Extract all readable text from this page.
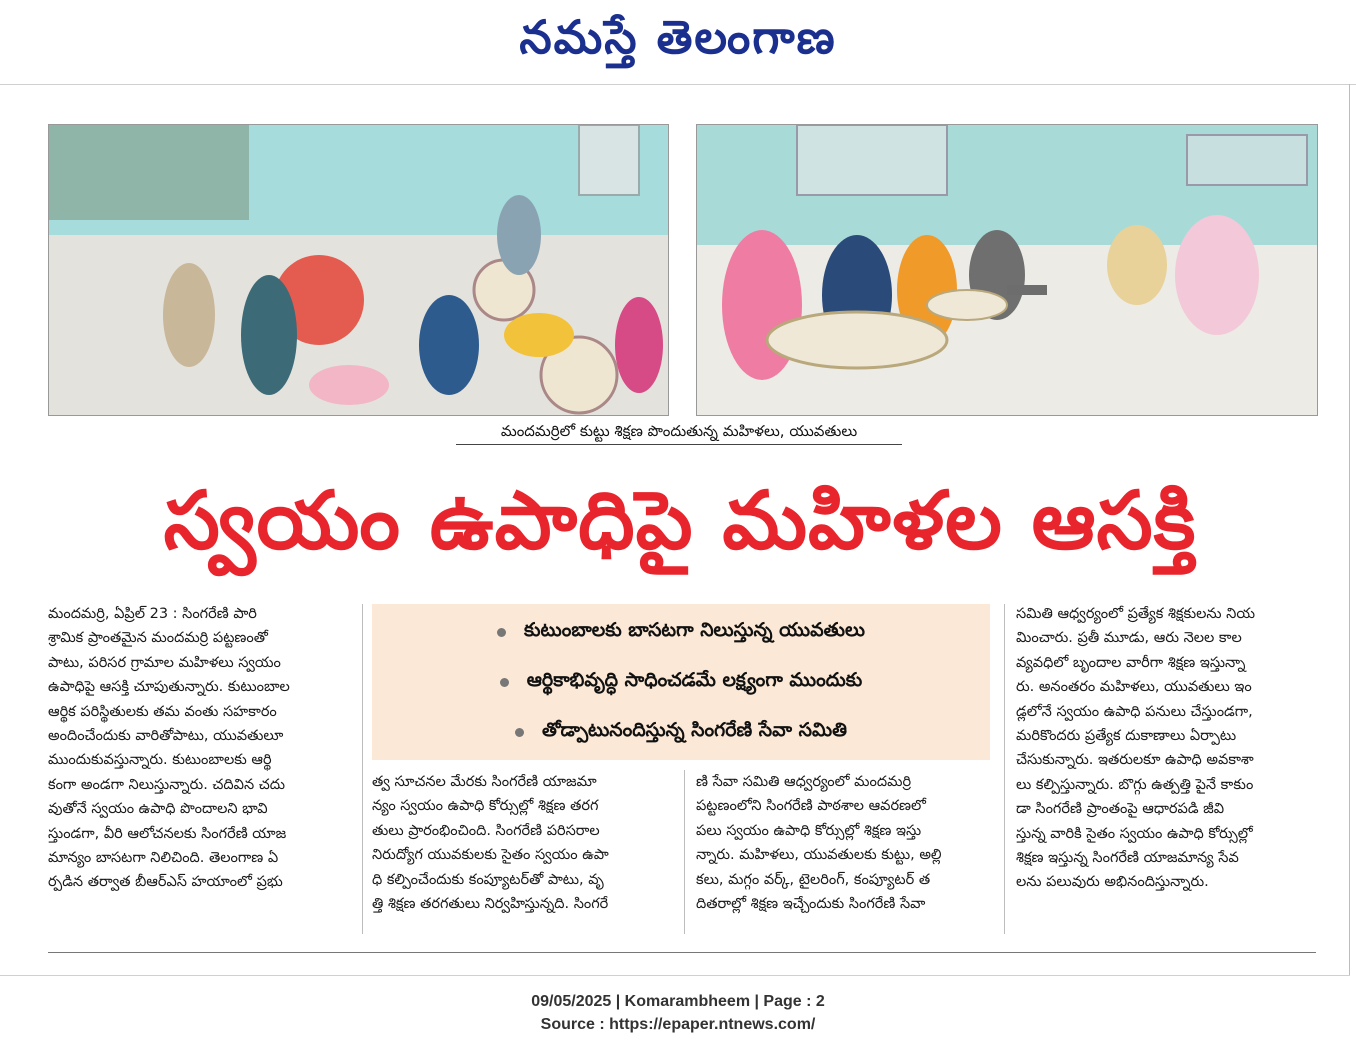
నమస్తే తెలంగాణ
మందమర్రిలో కుట్టు శిక్షణ పొందుతున్న మహిళలు, యువతులు
స్వయం ఉపాధిపై మహిళల ఆసక్తి
కుటుంబాలకు బాసటగా నిలుస్తున్న యువతులు
ఆర్థికాభివృద్ధి సాధించడమే లక్ష్యంగా ముందుకు
తోడ్పాటునందిస్తున్న సింగరేణి సేవా సమితి
మందమర్రి, ఏప్రిల్ 23 : సింగరేణి పారి
శ్రామిక ప్రాంతమైన మందమర్రి పట్టణంతో
పాటు, పరిసర గ్రామాల మహిళలు స్వయం
ఉపాధిపై ఆసక్తి చూపుతున్నారు. కుటుంబాల
ఆర్థిక పరిస్థితులకు తమ వంతు సహకారం
అందించేందుకు వారితోపాటు, యువతులూ
ముందుకువస్తున్నారు. కుటుంబాలకు ఆర్థి
కంగా అండగా నిలుస్తున్నారు. చదివిన చదు
వుతోనే స్వయం ఉపాధి పొందాలని భావి
స్తుండగా, వీరి ఆలోచనలకు సింగరేణి యాజ
మాన్యం బాసటగా నిలిచింది. తెలంగాణ ఏ
ర్పడిన తర్వాత బీఆర్ఎస్ హయాంలో ప్రభు
త్వ సూచనల మేరకు సింగరేణి యాజమా
న్యం స్వయం ఉపాధి కోర్సుల్లో శిక్షణ తరగ
తులు ప్రారంభించింది. సింగరేణి పరిసరాల
నిరుద్యోగ యువకులకు సైతం స్వయం ఉపా
ధి కల్పించేందుకు కంప్యూటర్‌తో పాటు, వృ
త్తి శిక్షణ తరగతులు నిర్వహిస్తున్నది. సింగరే
ణి సేవా సమితి ఆధ్వర్యంలో మందమర్రి
పట్టణంలోని సింగరేణి పాఠశాల ఆవరణలో
పలు స్వయం ఉపాధి కోర్సుల్లో శిక్షణ ఇస్తు
న్నారు. మహిళలు, యువతులకు కుట్టు, అల్లి
కలు, మగ్గం వర్క్, టైలరింగ్, కంప్యూటర్ త
దితరాల్లో శిక్షణ ఇచ్చేందుకు సింగరేణి సేవా
సమితి ఆధ్వర్యంలో ప్రత్యేక శిక్షకులను నియ
మించారు. ప్రతీ మూడు, ఆరు నెలల కాల
వ్యవధిలో బృందాల వారీగా శిక్షణ ఇస్తున్నా
రు. అనంతరం మహిళలు, యువతులు ఇం
డ్లలోనే స్వయం ఉపాధి పనులు చేస్తుండగా,
మరికొందరు ప్రత్యేక దుకాణాలు ఏర్పాటు
చేసుకున్నారు. ఇతరులకూ ఉపాధి అవకాశా
లు కల్పిస్తున్నారు. బొగ్గు ఉత్పత్తి పైనే కాకుం
డా సింగరేణి ప్రాంతంపై ఆధారపడి జీవి
స్తున్న వారికి సైతం స్వయం ఉపాధి కోర్సుల్లో
శిక్షణ ఇస్తున్న సింగరేణి యాజమాన్య సేవ
లను పలువురు అభినందిస్తున్నారు.
09/05/2025 | Komarambheem | Page : 2
Source : https://epaper.ntnews.com/
